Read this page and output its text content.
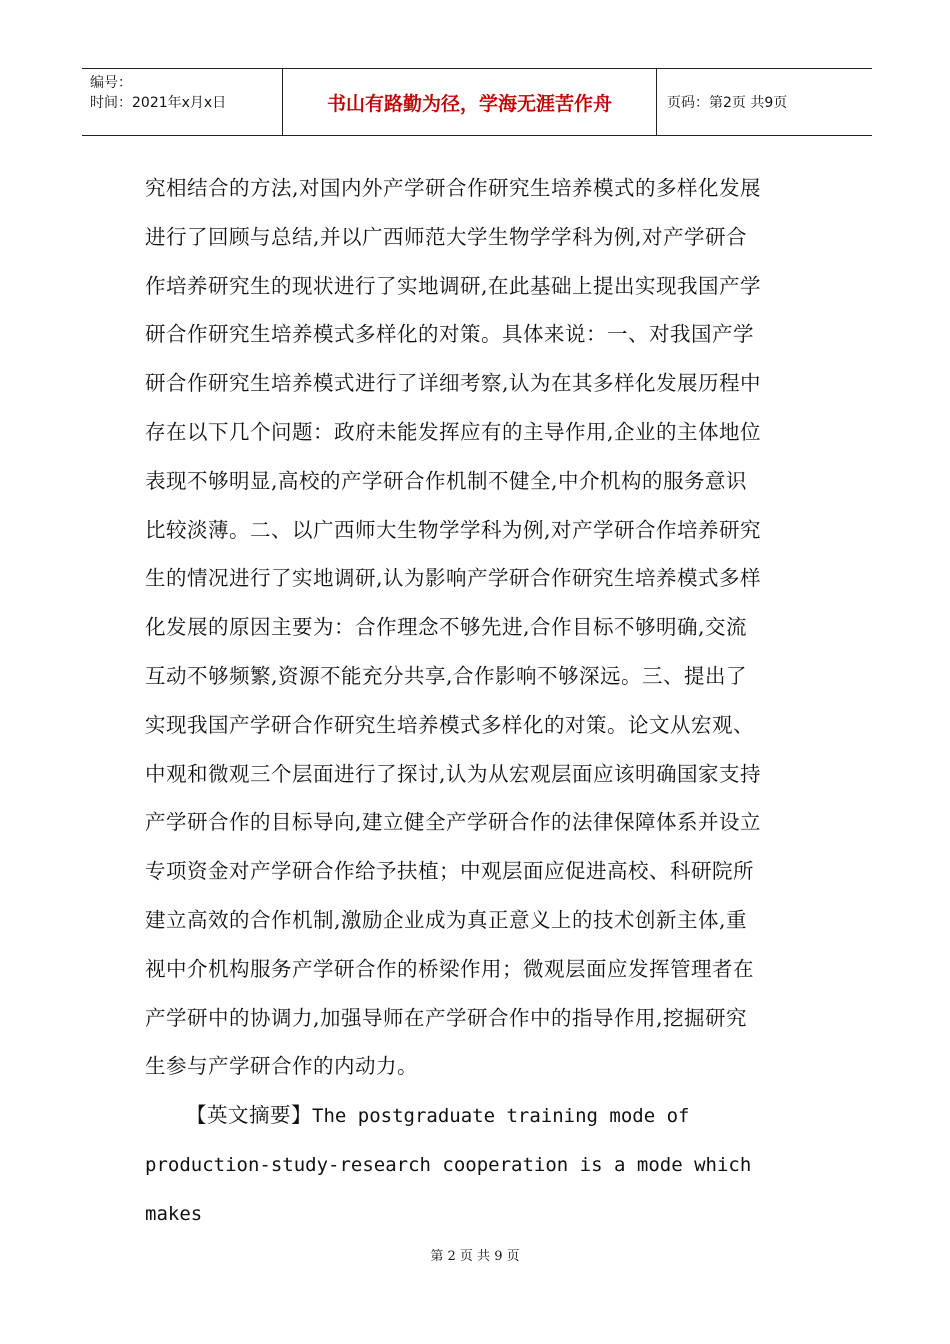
编号：
时间：2021年x月x日	书山有路勤为径，学海无涯苦作舟	页码：第2页 共9页

究相结合的方法,对国内外产学研合作研究生培养模式的多样化发展

进行了回顾与总结,并以广西师范大学生物学学科为例,对产学研合

作培养研究生的现状进行了实地调研,在此基础上提出实现我国产学

研合作研究生培养模式多样化的对策。具体来说：一、对我国产学

研合作研究生培养模式进行了详细考察,认为在其多样化发展历程中

存在以下几个问题：政府未能发挥应有的主导作用,企业的主体地位

表现不够明显,高校的产学研合作机制不健全,中介机构的服务意识

比较淡薄。二、以广西师大生物学学科为例,对产学研合作培养研究

生的情况进行了实地调研,认为影响产学研合作研究生培养模式多样

化发展的原因主要为：合作理念不够先进,合作目标不够明确,交流

互动不够频繁,资源不能充分共享,合作影响不够深远。三、提出了

实现我国产学研合作研究生培养模式多样化的对策。论文从宏观、

中观和微观三个层面进行了探讨,认为从宏观层面应该明确国家支持

产学研合作的目标导向,建立健全产学研合作的法律保障体系并设立

专项资金对产学研合作给予扶植；中观层面应促进高校、科研院所

建立高效的合作机制,激励企业成为真正意义上的技术创新主体,重

视中介机构服务产学研合作的桥梁作用；微观层面应发挥管理者在

产学研中的协调力,加强导师在产学研合作中的指导作用,挖掘研究

生参与产学研合作的内动力。

【英文摘要】The postgraduate training mode of

production-study-research cooperation is a mode which makes

第 2 页 共 9 页
